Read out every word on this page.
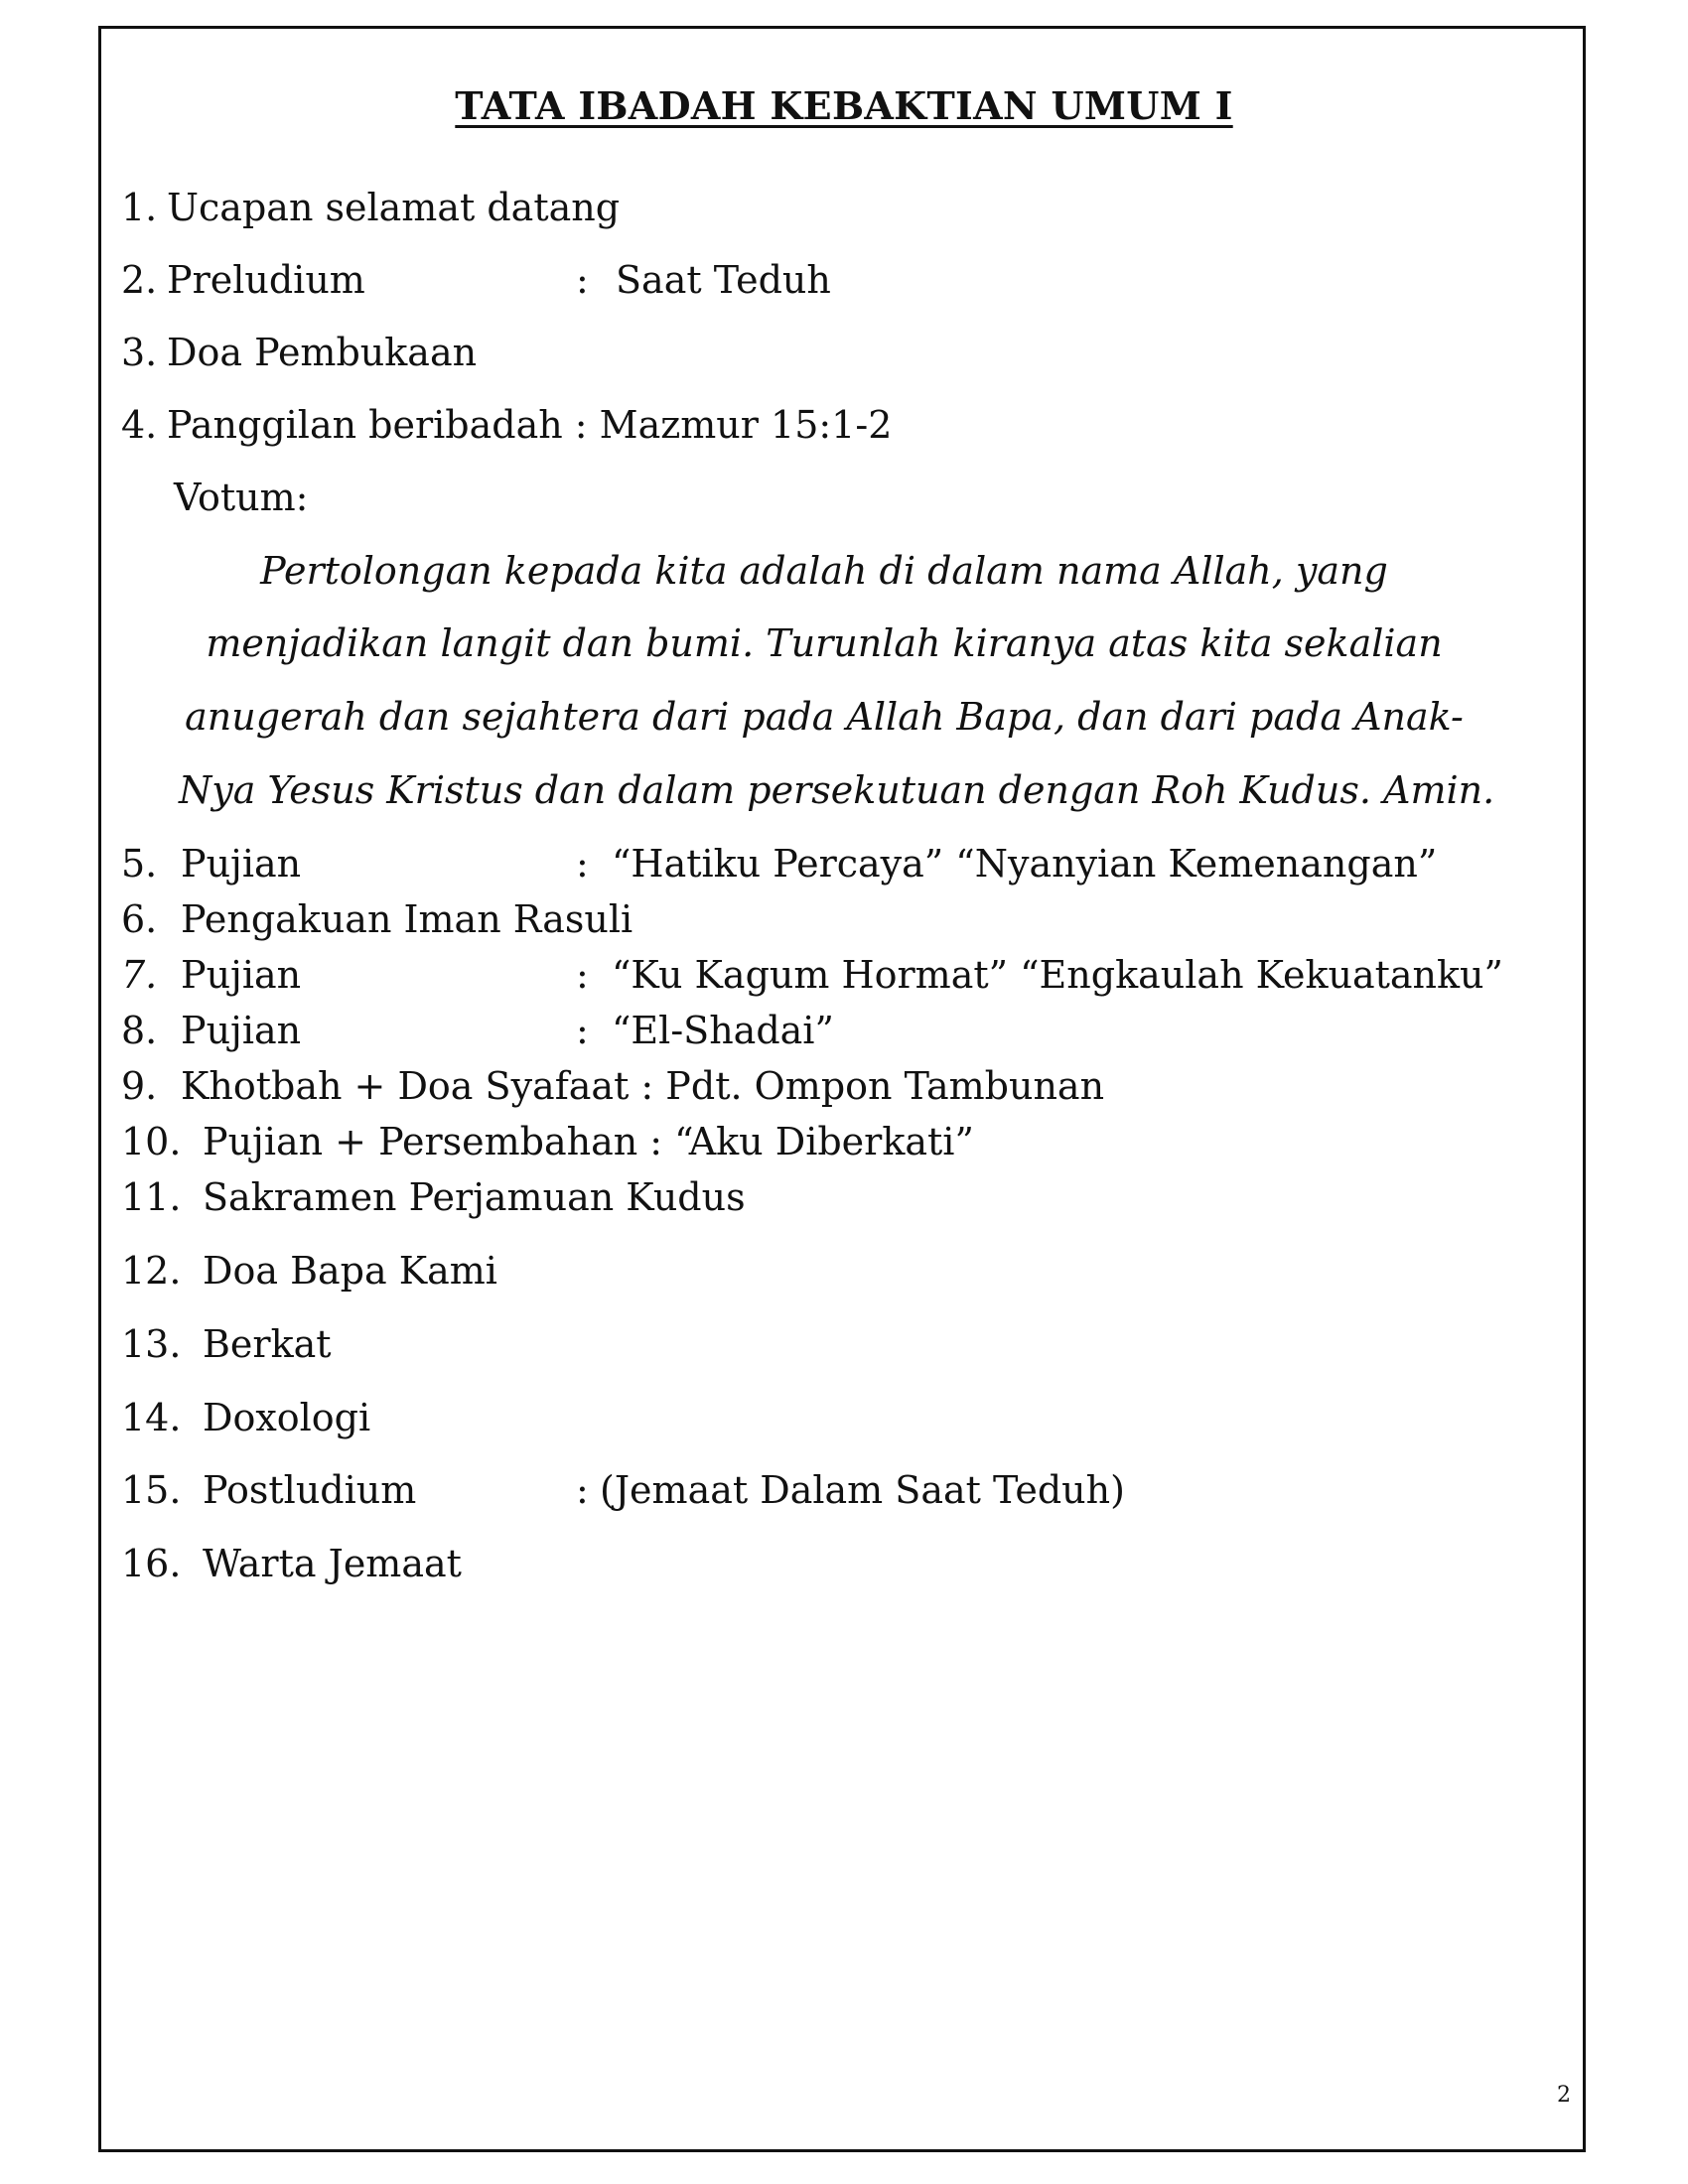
TATA IBADAH KEBAKTIAN UMUM I
1. Ucapan selamat datang
2. Preludium	: Saat Teduh
3. Doa Pembukaan
4. Panggilan beribadah : Mazmur 15:1-2
Votum:
Pertolongan kepada kita adalah di dalam nama Allah, yang
menjadikan langit dan bumi. Turunlah kiranya atas kita sekalian
anugerah dan sejahtera dari pada Allah Bapa, dan dari pada Anak-
Nya Yesus Kristus dan dalam persekutuan dengan Roh Kudus. Amin.
5. Pujian	: “Hatiku Percaya” “Nyanyian Kemenangan”
6. Pengakuan Iman Rasuli
7. Pujian	: “Ku Kagum Hormat” “Engkaulah Kekuatanku”
8. Pujian	: “El-Shadai”
9. Khotbah + Doa Syafaat : Pdt. Ompon Tambunan
10. Pujian + Persembahan : “Aku Diberkati”
11. Sakramen Perjamuan Kudus
12. Doa Bapa Kami
13. Berkat
14. Doxologi
15. Postludium	: (Jemaat Dalam Saat Teduh)
16. Warta Jemaat
2
